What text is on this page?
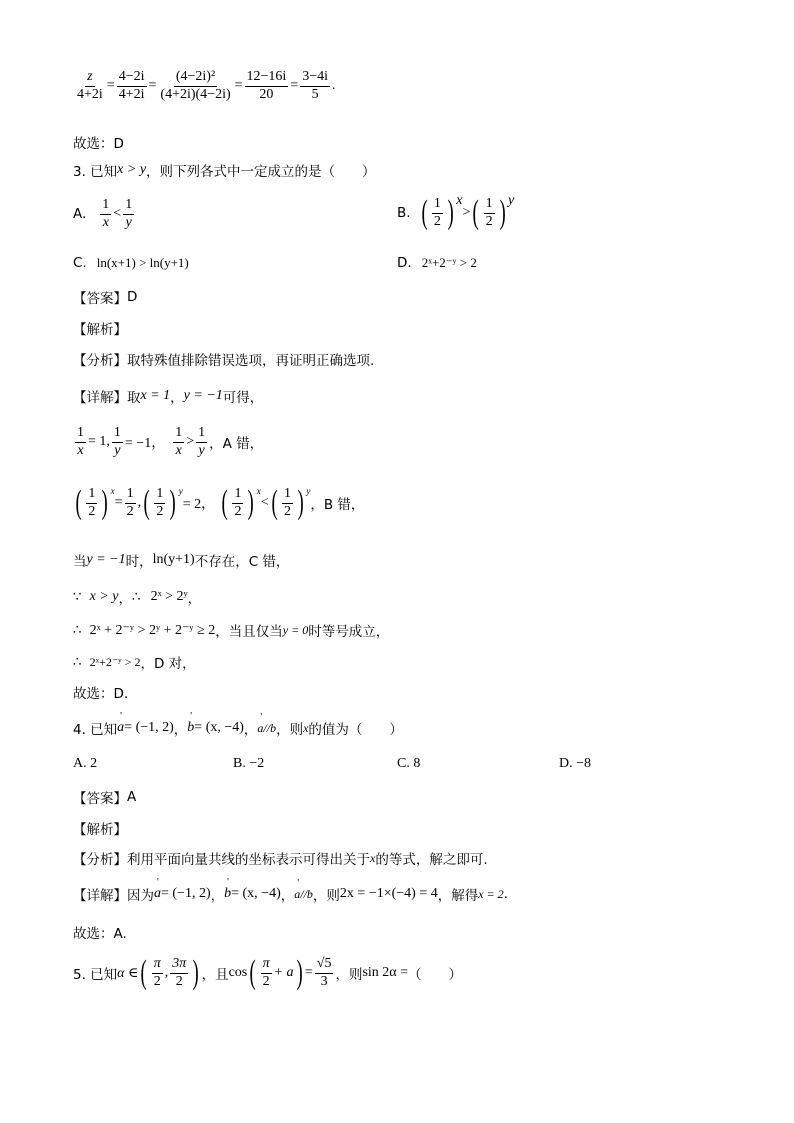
$\frac{z}{4+2i} = \frac{4-2i}{4+2i} = \frac{\text{(4−2i)²}}{(4+2i)(4-2i)} = \frac{12-16i}{20} = \frac{3-4i}{5}$ .
故选：D
3. 已知 x > y ，则下列各式中一定成立的是（　　）
A. $\frac{1}{x} < \frac{1}{y}$	B. ( $\frac{1}{2}$ ) x
> ( $\frac{1}{2}$ ) y
C. ln(x+1) > ln(y+1)	D. 2ˣ+2⁻ʸ > 2
【答案】 D
【解析】
【分析】 取特殊值排除错误选项，再证明正确选项.
【详解】 取 x = 1 ， y = −1 可得，
$\frac{1}{x} = 1$, $\frac{1}{y} = -1$， $\frac{1}{x} > \frac{1}{y}$ ，A 错，
( $\frac{1}{2}$ ) x
= $\frac{1}{2}$ , ( $\frac{1}{2}$ ) y
= 2， ( $\frac{1}{2}$ ) x
< ( $\frac{1}{2}$ ) y
，B 错，
当 y = −1 时， ln(y+1) 不存在，C 错，
∵ x > y ， ∴ 2ˣ > 2ʸ ，
∴ 2ˣ + 2⁻ʸ > 2ʸ + 2⁻ʸ ≥ 2 ，当且仅当 y = 0 时等号成立，
∴ 2ˣ+2⁻ʸ > 2 ，D 对，
故选：D.
4. 已知 ' a = (−1, 2) ， ' b = (x, −4) ， ' a//b ，则 x 的值为（　　）
A. 2	B. −2	C. 8	D. −8
【答案】 A
【解析】
【分析】 利用平面向量共线的坐标表示可得出关于 x 的等式，解之即可.
【详解】 因为 ' a = (−1, 2) ， ' b = (x, −4) ， ' a//b ，则 2x = −1×(−4) = 4 ，解得 x = 2 .
故选：A.
5. 已知 α ∈ ( $\frac{\pi}{2}$ , $\frac{3\pi}{2}$ ) ，且 cos ( $\frac{\pi}{2} + a$ ) = $\frac{√5}{3}$ ，则 sin 2α = （　　）
